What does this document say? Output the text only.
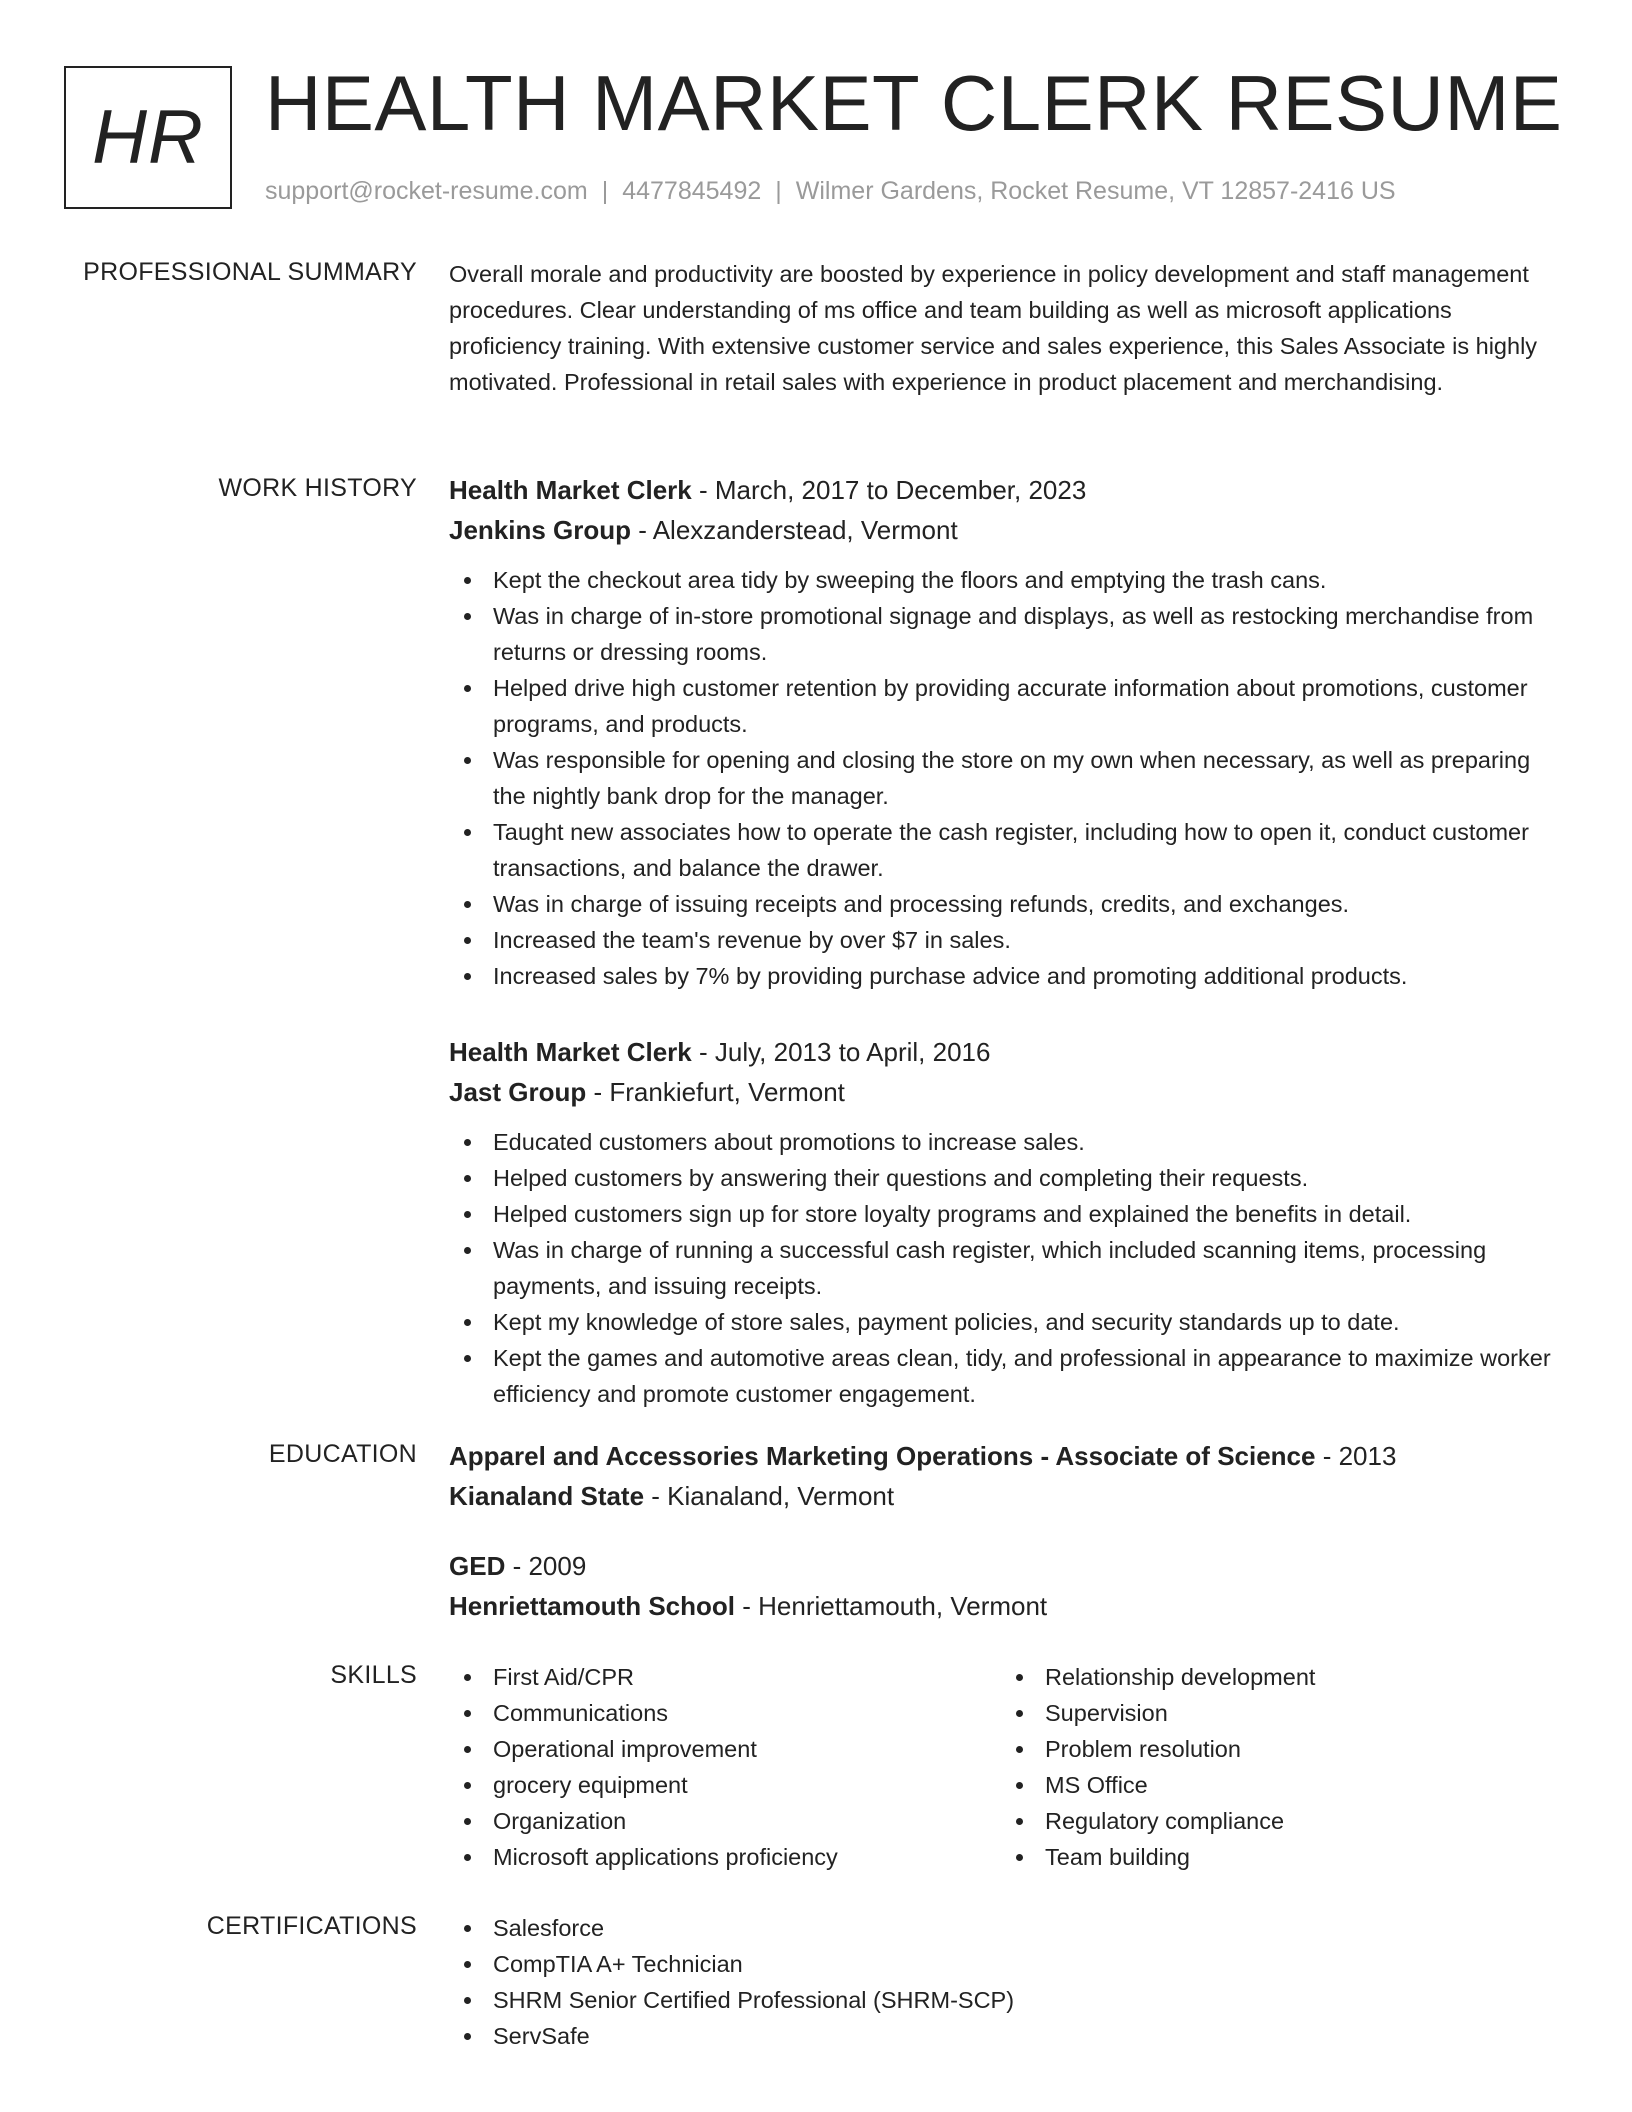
HR HEALTH MARKET CLERK RESUME
support@rocket-resume.com | 4477845492 | Wilmer Gardens, Rocket Resume, VT 12857-2416 US
PROFESSIONAL SUMMARY Overall morale and productivity are boosted by experience in policy development and staff management procedures. Clear understanding of ms office and team building as well as microsoft applications proficiency training. With extensive customer service and sales experience, this Sales Associate is highly motivated. Professional in retail sales with experience in product placement and merchandising.

WORK HISTORY Health Market Clerk - March, 2017 to December, 2023
Jenkins Group - Alexzanderstead, Vermont
Kept the checkout area tidy by sweeping the floors and emptying the trash cans.
Was in charge of in-store promotional signage and displays, as well as restocking merchandise from returns or dressing rooms.
Helped drive high customer retention by providing accurate information about promotions, customer programs, and products.
Was responsible for opening and closing the store on my own when necessary, as well as preparing the nightly bank drop for the manager.
Taught new associates how to operate the cash register, including how to open it, conduct customer transactions, and balance the drawer.
Was in charge of issuing receipts and processing refunds, credits, and exchanges.
Increased the team's revenue by over $7 in sales.
Increased sales by 7% by providing purchase advice and promoting additional products.
Health Market Clerk - July, 2013 to April, 2016
Jast Group - Frankiefurt, Vermont
Educated customers about promotions to increase sales.
Helped customers by answering their questions and completing their requests.
Helped customers sign up for store loyalty programs and explained the benefits in detail.
Was in charge of running a successful cash register, which included scanning items, processing payments, and issuing receipts.
Kept my knowledge of store sales, payment policies, and security standards up to date.
Kept the games and automotive areas clean, tidy, and professional in appearance to maximize worker efficiency and promote customer engagement.
EDUCATION Apparel and Accessories Marketing Operations - Associate of Science - 2013
Kianaland State - Kianaland, Vermont
GED - 2009
Henriettamouth School - Henriettamouth, Vermont
SKILLS	First Aid/CPR
Communications
Operational improvement
grocery equipment
Organization
Microsoft applications proficiency
Relationship development
Supervision
Problem resolution
MS Office
Regulatory compliance
Team building
CERTIFICATIONS	Salesforce
CompTIA A+ Technician
SHRM Senior Certified Professional (SHRM-SCP)
ServSafe
